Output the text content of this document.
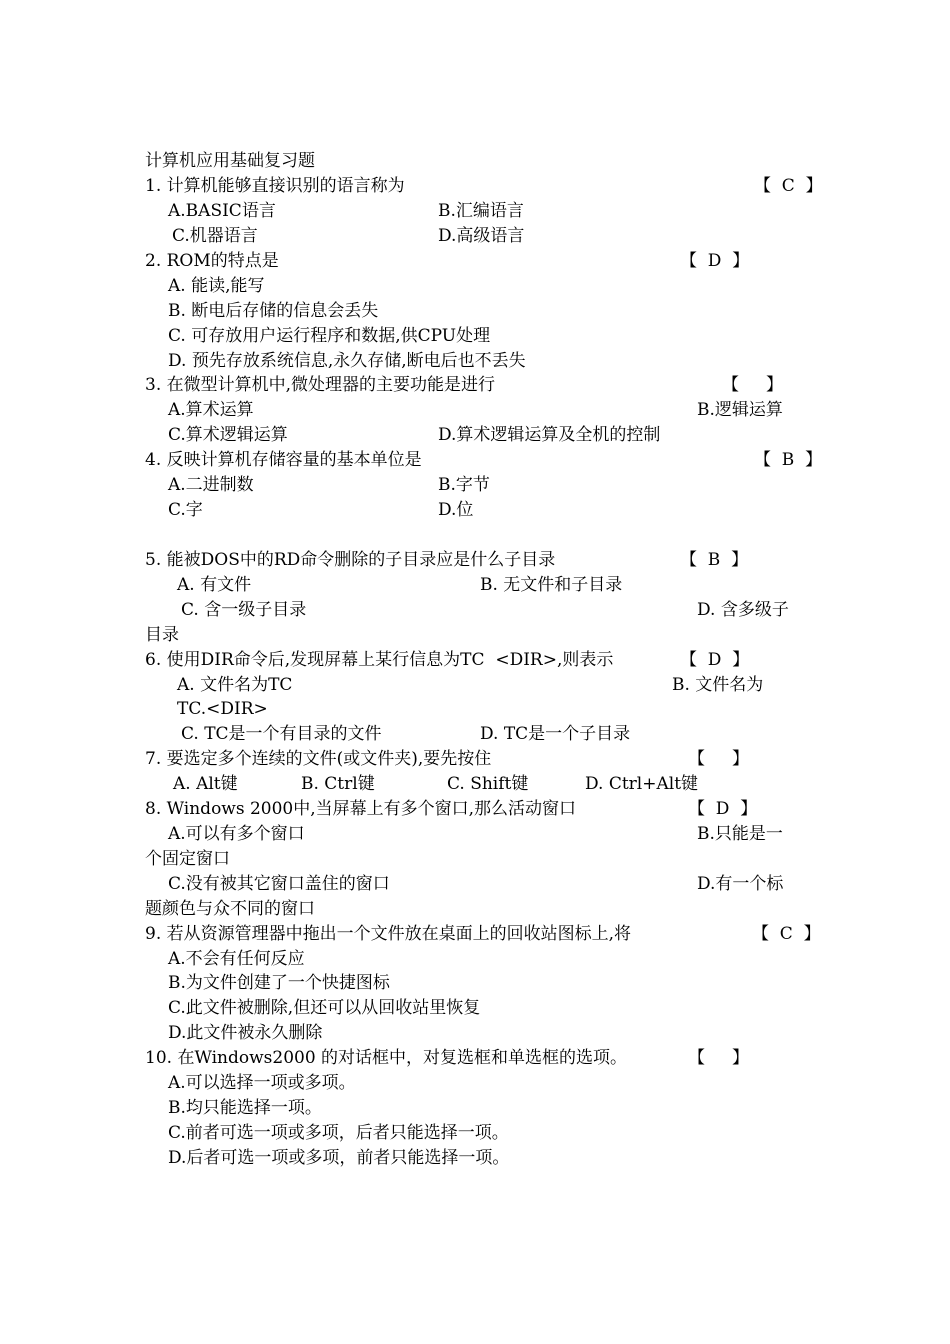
计算机应用基础复习题
1. 计算机能够直接识别的语言称为	【  C  】
A.BASIC语言	B.汇编语言
C.机器语言	D.高级语言
2. ROM的特点是	【  D  】
A. 能读,能写
B. 断电后存储的信息会丢失
C. 可存放用户运行程序和数据,供CPU处理
D. 预先存放系统信息,永久存储,断电后也不丢失
3. 在微型计算机中,微处理器的主要功能是进行	【     】
A.算术运算	B.逻辑运算
C.算术逻辑运算	D.算术逻辑运算及全机的控制
4. 反映计算机存储容量的基本单位是	【  B  】
A.二进制数	B.字节
C.字	D.位
5. 能被DOS中的RD命令删除的子目录应是什么子目录	【  B  】
A. 有文件	B. 无文件和子目录
C. 含一级子目录	D. 含多级子
目录
6. 使用DIR命令后,发现屏幕上某行信息为TC  <DIR>,则表示	【  D  】
A. 文件名为TC	B. 文件名为
TC.<DIR>
C. TC是一个有目录的文件	D. TC是一个子目录
7. 要选定多个连续的文件(或文件夹),要先按住	【     】
A. Alt键	B. Ctrl键	C. Shift键	D. Ctrl+Alt键
8. Windows 2000中,当屏幕上有多个窗口,那么活动窗口	【  D  】
A.可以有多个窗口	B.只能是一
个固定窗口
C.没有被其它窗口盖住的窗口	D.有一个标
题颜色与众不同的窗口
9. 若从资源管理器中拖出一个文件放在桌面上的回收站图标上,将	【  C  】
A.不会有任何反应
B.为文件创建了一个快捷图标
C.此文件被删除,但还可以从回收站里恢复
D.此文件被永久删除
10. 在Windows2000 的对话框中，对复选框和单选框的选项。	【     】
A.可以选择一项或多项。
B.均只能选择一项。
C.前者可选一项或多项，后者只能选择一项。
D.后者可选一项或多项，前者只能选择一项。
